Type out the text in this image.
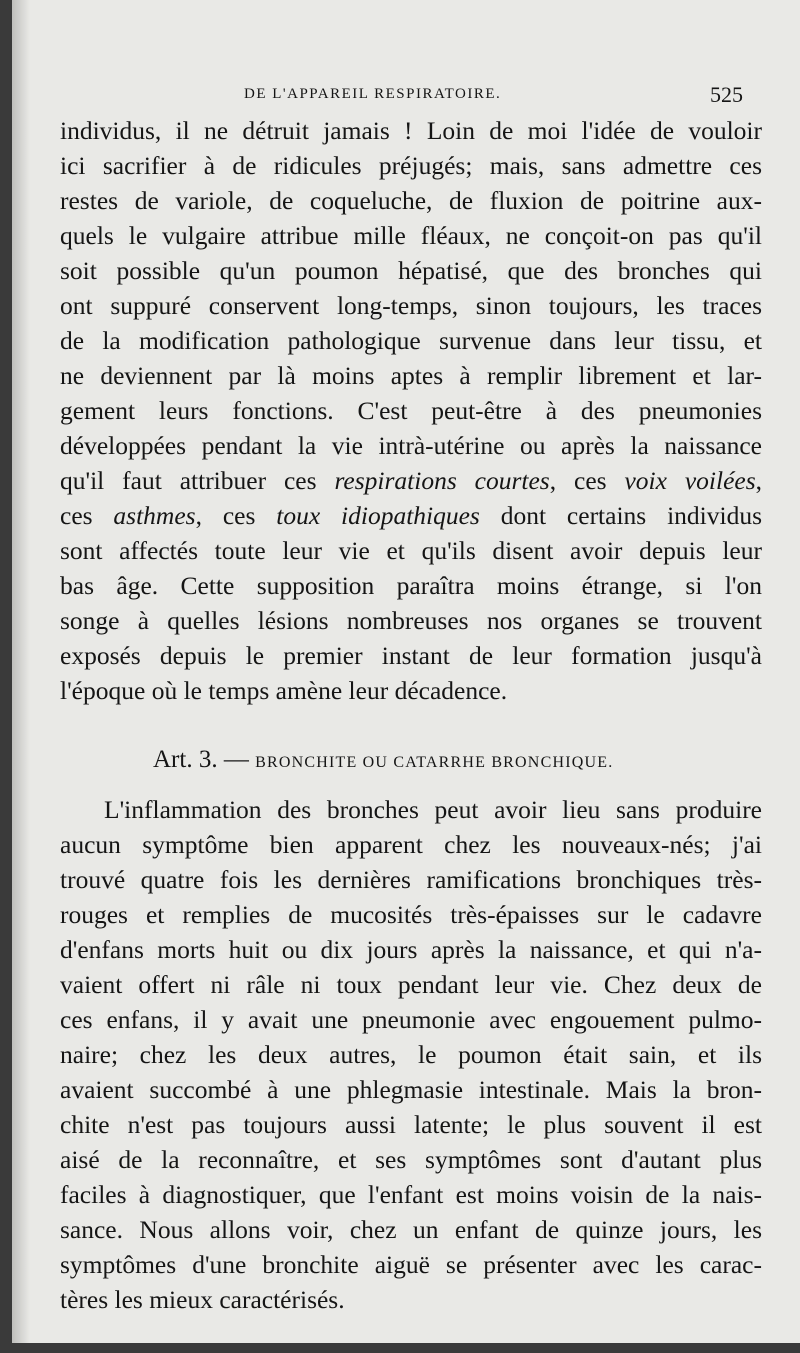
DE L'APPAREIL RESPIRATOIRE.	525
individus, il ne détruit jamais ! Loin de moi l'idée de vouloir
ici sacrifier à de ridicules préjugés; mais, sans admettre ces
restes de variole, de coqueluche, de fluxion de poitrine aux-
quels le vulgaire attribue mille fléaux, ne conçoit-on pas qu'il
soit possible qu'un poumon hépatisé, que des bronches qui
ont suppuré conservent long-temps, sinon toujours, les traces
de la modification pathologique survenue dans leur tissu, et
ne deviennent par là moins aptes à remplir librement et lar-
gement leurs fonctions. C'est peut-être à des pneumonies
développées pendant la vie intrà-utérine ou après la naissance
qu'il faut attribuer ces respirations courtes, ces voix voilées,
ces asthmes, ces toux idiopathiques dont certains individus
sont affectés toute leur vie et qu'ils disent avoir depuis leur
bas âge. Cette supposition paraîtra moins étrange, si l'on
songe à quelles lésions nombreuses nos organes se trouvent
exposés depuis le premier instant de leur formation jusqu'à
l'époque où le temps amène leur décadence.
Art. 3. — BRONCHITE OU CATARRHE BRONCHIQUE.
L'inflammation des bronches peut avoir lieu sans produire
aucun symptôme bien apparent chez les nouveaux-nés; j'ai
trouvé quatre fois les dernières ramifications bronchiques très-
rouges et remplies de mucosités très-épaisses sur le cadavre
d'enfans morts huit ou dix jours après la naissance, et qui n'a-
vaient offert ni râle ni toux pendant leur vie. Chez deux de
ces enfans, il y avait une pneumonie avec engouement pulmo-
naire; chez les deux autres, le poumon était sain, et ils
avaient succombé à une phlegmasie intestinale. Mais la bron-
chite n'est pas toujours aussi latente; le plus souvent il est
aisé de la reconnaître, et ses symptômes sont d'autant plus
faciles à diagnostiquer, que l'enfant est moins voisin de la nais-
sance. Nous allons voir, chez un enfant de quinze jours, les
symptômes d'une bronchite aiguë se présenter avec les carac-
tères les mieux caractérisés.
